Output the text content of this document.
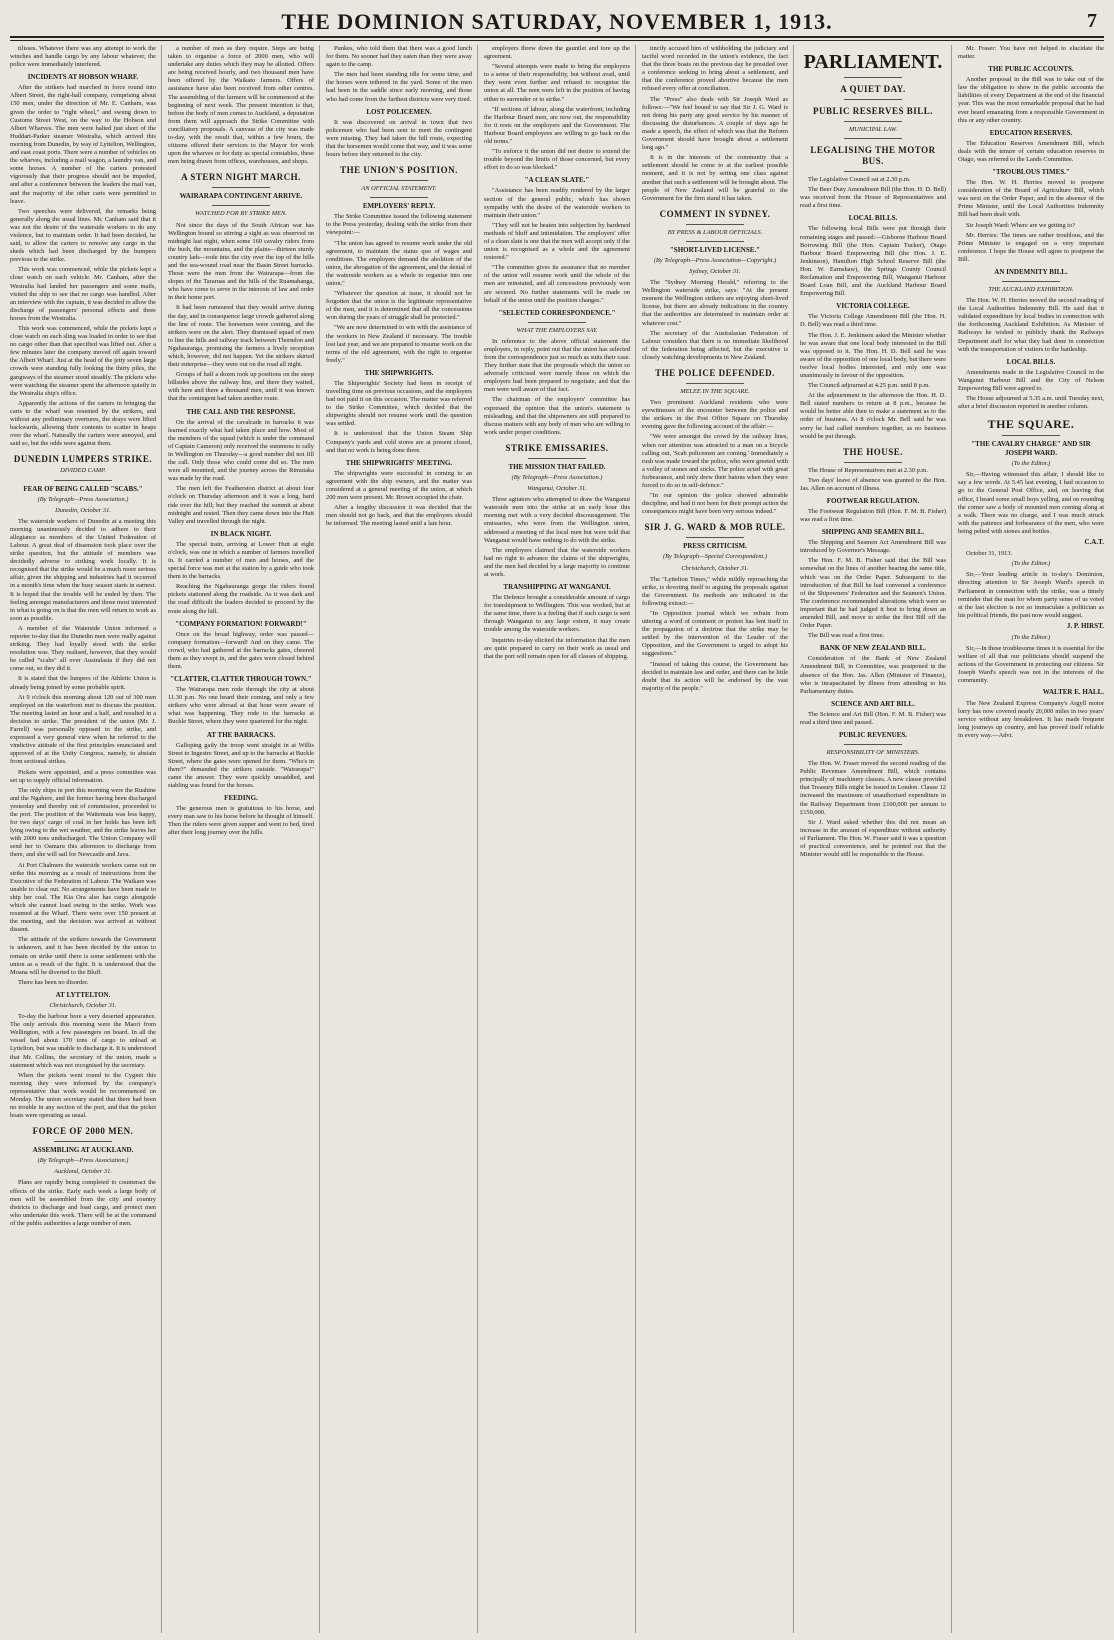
THE DOMINION SATURDAY, NOVEMBER 1, 1913.	7
tilisses. Whatever there was any attempt to work the winches and handle cargo by any labour whatever, the police were immediately interfered.
INCIDENTS AT HOBSON WHARF.
After the strikers had marched in force round into Albert Street, the right-hall company, comprising about 150 men, under the direction of Mr. E. Canham, was given the order to "right wheel," and swung down to Customs Street West, on the way to the Hobson and Albert Wharves. The men were halted just short of the Huddart-Parker steamer Westralia, which arrived this morning from Dunedin, by way of Lyttelton, Wellington, and east coast ports. There were a number of vehicles on the wharves, including a mail wagon, a laundry van, and some horses. A number of the carters protested vigorously that their progress should not be impeded, and after a conference between the leaders the mail van, and the majority of the other carts were permitted to leave.
Two speeches were delivered, the remarks being generally along the usual lines. Mr. Canham said that it was not the desire of the waterside workers to do any violence, but to maintain order. It had been decided, he said, to allow the carters to remove any cargo in the sheds which had been discharged by the bumpers previous to the strike.
This work was commenced, while the pickets kept a close watch on each vehicle. Mr. Canham, after the Westralia had landed her passengers and some mails, visited the ship to see that no cargo was handled. After an interview with the captain, it was decided to allow the discharge of passengers' personal effects and three horses from the Westralia.
This work was commenced, while the pickets kept a close watch on each sling was loaded in order to see that no cargo other than that specified was lifted out. After a few minutes later the company moved off again toward the Albert Wharf. Just at the head of the jetty seven large crowds were standing fully looking the thirty piles, the gangways of the steamer stood steadily. The pickets who were watching the steamer spent the afternoon quietly in the Westralia ship's office.
Apparently the actions of the carters in bringing the carts to the wharf was resented by the strikers, and without any preliminary overtures, the drays were lifted backwards, allowing their contents to scatter in heaps over the wharf. Naturally the carters were annoyed, and said so, but the odds were against them.
DUNEDIN LUMPERS STRIKE.
DIVIDED CAMP.
FEAR OF BEING CALLED "SCABS."
(By Telegraph—Press Association.)
Dunedin, October 31.
The waterside workers of Dunedin at a meeting this morning unanimously decided to adhere to their allegiance as members of the United Federation of Labour. A great deal of dissension took place over the strike question, but the attitude of members was decidedly adverse to striking work locally. It is recognised that the strike would be a much more serious affair, given the shipping and industries had it occurred in a month's time when the busy season starts in earnest. It is hoped that the trouble will be ended by then. The feeling amongst manufacturers and those most interested in what is going on is that the men will return to work as soon as possible.
A member of the Waterside Union informed a reporter to-day that the Dunedin men were really against striking. They had loyally stood with the strike resolution was. They realised, however, that they would be called "scabs" all over Australasia if they did not come out, so they did it.
It is stated that the lumpers of the Athletic Union is already being joined by some probable spirit.
At 9 o'clock this morning about 120 out of 300 men employed on the waterfront met to discuss the position. The meeting lasted an hour and a half, and resulted in a decision to strike. The president of the union (Mr. J. Farrell) was personally opposed to the strike, and expressed a very general view when he referred to the vindictive attitude of the first principles enunciated and approved of at the Unity Congress, namely, to abstain from sectional strikes.
Pickets were appointed, and a press committee was set up to supply official information.
The only ships in port this morning were the Ruahine and the Ngahere, and the former having been discharged yesterday and thereby out of commission, proceeded to the port. The position of the Waitemata was less happy, for two days' cargo of coal in her holds has been left lying owing to the wet weather, and the strike leaves her with 2000 tons undischarged. The Union Company will send her to Oamaru this afternoon to discharge from there, and she will sail for Newcastle and Java.
At Port Chalmers the waterside workers came out on strike this morning as a result of instructions from the Executive of the Federation of Labour. The Waikare was unable to clear out. No arrangements have been made to ship her coal. The Kia Ora also has cargo alongside which she cannot load owing to the strike. Work was resumed at the Wharf. There were over 150 present at the meeting, and the decision was arrived at without dissent.
The attitude of the strikers towards the Government is unknown, and it has been decided by the union to remain on strike until there is some settlement with the union as a result of the fight. It is understood that the Moana will be diverted to the Bluff.
There has been no disorder.
AT LYTTELTON.
Christchurch, October 31.
To-day the harbour bore a very deserted appearance. The only arrivals this morning were the Maori from Wellington, with a few passengers on board. In all the vessel had about 170 tons of cargo to unload at Lyttelton, but was unable to discharge it. It is understood that Mr. Collins, the secretary of the union, made a statement which was not recognised by the secretary.
When the pickets went round to the Cygnet this morning they were informed by the company's representative that work would be recommenced on Monday. The union secretary stated that there had been no trouble in any section of the port, and that the picket boats were operating as usual.
FORCE OF 2000 MEN.
ASSEMBLING AT AUCKLAND.
(By Telegraph—Press Association.)
Auckland, October 31.
Plans are rapidly being completed to counteract the effects of the strike. Early each week a large body of men will be assembled from the city and country districts to discharge and load cargo, and protect men who undertake this work. There will be at the command of the public authorities a large number of men.
a number of men as they require. Steps are being taken to organise a force of 2000 men, who will undertake any duties which they may be allotted. Offers are being received hourly, and two thousand men have been offered by the Waikato farmers. Offers of assistance have also been received from other centres. The assembling of the farmers will be commenced at the beginning of next week. The present intention is that, before the body of men comes to Auckland, a deputation from them will approach the Strike Committee with conciliatory proposals. A canvass of the city was made to-day, with the result that, within a few hours, the citizens offered their services to the Mayor for work upon the wharves or for duty as special constables, these men being drawn from offices, warehouses, and shops.
A STERN NIGHT MARCH.
WAIRARAPA CONTINGENT ARRIVE.
WATCHED FOR BY STRIKE MEN.
Not since the days of the South African war has Wellington bound so stirring a sight as was observed on midnight last night, when some 160 cavalry riders from the bush, the mountains, and the plains—thirteen sturdy country lads—rode into the city over the top of the hills and the sea-wound road near the Basin Street barracks. Those were the men from the Wairarapa—from the slopes of the Tararuas and the hills of the Ruamahanga, who have come to serve in the interests of law and order in their home port.
It had been rumoured that they would arrive during the day, and in consequence large crowds gathered along the line of route. The horsemen were coming, and the strikers were on the alert. They dismissed squad of men to line the hills and railway track between Thorndon and Ngahauranga, promising the farmers a lively reception which, however, did not happen. Yet the strikers skirted their enterprise—they were out on the road all night.
Groups of half a dozen took up positions on the steep hillsides above the railway line, and there they waited, with here and there a thousand men, until it was known that the contingent had taken another route.
THE CALL AND THE RESPONSE.
On the arrival of the cavalcade in barracks it was learned exactly what had taken place and how. Most of the members of the squad (which is under the command of Captain Cameron) only received the summons to rally in Wellington on Thursday—a good number did not fill the call. Only those who could come did so. The men were all mounted, and the journey across the Rimutaka was made by the road.
The men left the Featherston district at about four o'clock on Thursday afternoon and it was a long, hard ride over the hill; but they reached the summit at about midnight and rested. Then they came down into the Hutt Valley and travelled through the night.
IN BLACK NIGHT.
The special train, arriving at Lower Hutt at eight o'clock, was one in which a number of farmers travelled in. It carried a number of men and horses, and the special force was met at the station by a guide who took them to the barracks.
Reaching the Ngahauranga gorge the riders found pickets stationed along the roadside. As it was dark and the road difficult the leaders decided to proceed by the route along the hill.
"COMPANY FORMATION! FORWARD!"
Once on the broad highway, order was passed—company formation—forward! And on they came. The crowd, who had gathered at the barracks gates, cheered them as they swept in, and the gates were closed behind them.
"CLATTER, CLATTER THROUGH TOWN."
The Wairarapa men rode through the city at about 11.30 p.m. No one heard their coming, and only a few strikers who were abroad at that hour were aware of what was happening. They rode to the barracks at Buckle Street, where they were quartered for the night.
AT THE BARRACKS.
Galloping gaily the troop went straight in at Willis Street to Ingestre Street, and up to the barracks at Buckle Street, where the gates were opened for them. "Who's in there?" demanded the strikers outside. "Wairarapa!" came the answer. They were quickly unsaddled, and stabling was found for the horses.
FEEDING.
The generous men is gratuitous to his horse, and every man saw to his horse before he thought of himself. Then the riders were given supper and went to bed, tired after their long journey over the hills.
Punkes, who told them that there was a good lunch for them. No sooner had they eaten than they were away again to the camp.
The men had been standing idle for some time, and the horses were tethered in the yard. Some of the men had been in the saddle since early morning, and those who had come from the farthest districts were very tired.
LOST POLICEMEN.
It was discovered on arrival in town that two policemen who had been sent to meet the contingent were missing. They had taken the hill route, expecting that the horsemen would come that way, and it was some hours before they returned to the city.
THE UNION'S POSITION.
AN OFFICIAL STATEMENT.
EMPLOYERS' REPLY.
The Strike Committee issued the following statement to the Press yesterday, dealing with the strike from their viewpoint:—
"The union has agreed to resume work under the old agreement, to maintain the status quo of wages and conditions. The employers demand the abolition of the union, the abrogation of the agreement, and the denial of the waterside workers as a whole to organise into one union."
"Whatever the question at issue, it should not be forgotten that the union is the legitimate representative of the men, and it is determined that all the concessions won during the years of struggle shall be protected."
"We are now determined to win with the assistance of the workers in New Zealand if necessary. The trouble lost last year, and we are prepared to resume work on the terms of the old agreement, with the right to organise freely."
THE SHIPWRIGHTS.
The Shipwrights' Society had been in receipt of travelling time on previous occasions, and the employers had not paid it on this occasion. The matter was referred to the Strike Committee, which decided that the shipwrights should not resume work until the question was settled.
It is understood that the Union Steam Ship Company's yards and cold stores are at present closed, and that no work is being done there.
THE SHIPWRIGHTS' MEETING.
The shipwrights were successful in coming to an agreement with the ship owners, and the matter was considered at a general meeting of the union, at which 200 men were present. Mr. Brown occupied the chair.
After a lengthy discussion it was decided that the men should not go back, and that the employers should be informed. The meeting lasted until a late hour.
employers threw down the gauntlet and tore up the agreement.
"Several attempts were made to bring the employers to a sense of their responsibility, but without avail, until they went even further and refused to recognise the union at all. The men were left in the position of having either to surrender or to strike."
"If sections of labour, along the waterfront, including the Harbour Board men, are now out, the responsibility for it rests on the employers and the Government. The Harbour Board employees are willing to go back on the old terms."
"To enforce it the union did not desire to extend the trouble beyond the limits of those concerned, but every effort to do so was blocked."
"A CLEAN SLATE."
"Assistance has been readily rendered by the larger section of the general public, which has shown sympathy with the desire of the waterside workers to maintain their union."
"They will not be beaten into subjection by hardened methods of bluff and intimidation. The employers' offer of a clean slate is one that the men will accept only if the union is recognised as a whole and the agreement restored."
"The committee gives its assurance that no member of the union will resume work until the whole of the men are reinstated, and all concessions previously won are secured. No further statements will be made on behalf of the union until the position changes."
"SELECTED CORRESPONDENCE."
WHAT THE EMPLOYERS SAY.
In reference to the above official statement the employers, in reply, point out that the union has selected from the correspondence just so much as suits their case. They further state that the proposals which the union so adversely criticised were merely those on which the employers had been prepared to negotiate, and that the men were well aware of that fact.
The chairman of the employers' committee has expressed the opinion that the union's statement is misleading, and that the shipowners are still prepared to discuss matters with any body of men who are willing to work under proper conditions.
STRIKE EMISSARIES.
THE MISSION THAT FAILED.
(By Telegraph—Press Association.)
Wanganui, October 31.
Three agitators who attempted to draw the Wanganui waterside men into the strike at an early hour this morning met with a very decided discouragement. The emissaries, who were from the Wellington union, addressed a meeting of the local men but were told that Wanganui would have nothing to do with the strike.
The employers claimed that the waterside workers had no right to advance the claims of the shipwrights, and the men had decided by a large majority to continue at work.
TRANSHIPPING AT WANGANUI.
The Defence brought a considerable amount of cargo for transhipment to Wellington. This was worked, but at the same time, there is a feeling that if such cargo is sent through Wanganui to any large extent, it may create trouble among the waterside workers.
Inquiries to-day elicited the information that the men are quite prepared to carry on their work as usual and that the port will remain open for all classes of shipping.
tinctly accused him of withholding the judiciary and tactful word recorded in the union's evidence, the fact that the three boats on the previous day he presided over a conference seeking to bring about a settlement, and that the conference proved abortive because the men refused every offer at conciliation.
The "Press" also deals with Sir Joseph Ward as follows:—"We feel bound to say that Sir J. G. Ward is not doing his party any good service by his manner of discussing the disturbances. A couple of days ago he made a speech, the effect of which was that the Reform Government should have brought about a settlement long ago."
It is in the interests of the community that a settlement should be come to at the earliest possible moment, and it is not by setting one class against another that such a settlement will be brought about. The people of New Zealand will be grateful to the Government for the firm stand it has taken.
COMMENT IN SYDNEY.
BY PRESS & LABOUR OFFICIALS.
"SHORT-LIVED LICENSE."
(By Telegraph—Press Association—Copyright.)
Sydney, October 31.
The "Sydney Morning Herald," referring to the Wellington waterside strike, says: "At the present moment the Wellington strikers are enjoying short-lived license, but there are already indications in the country that the authorities are determined to maintain order at whatever cost."
The secretary of the Australasian Federation of Labour considers that there is no immediate likelihood of the federation being affected, but the executive is closely watching developments in New Zealand.
THE POLICE DEFENDED.
MELEE IN THE SQUARE.
Two prominent Auckland residents who were eyewitnesses of the encounter between the police and the strikers in the Post Office Square on Thursday evening gave the following account of the affair:—
"We were amongst the crowd by the railway lines, when our attention was attracted to a man on a bicycle calling out, 'Scab policemen are coming.' Immediately a rush was made toward the police, who were greeted with a volley of stones and sticks. The police acted with great forbearance, and only drew their batons when they were forced to do so in self-defence."
"In our opinion the police showed admirable discipline, and had it not been for their prompt action the consequences might have been very serious indeed."
SIR J. G. WARD & MOB RULE.
PRESS CRITICISM.
(By Telegraph—Special Correspondent.)
Christchurch, October 31.
The "Lyttelton Times," while mildly reproaching the strike, is devoting itself to arguing the proposals against the Government. Its methods are indicated in the following extract:—
"In Opposition journal which we refrain from uttering a word of comment or protest has lent itself to the propagation of a doctrine that the strike may be settled by the intervention of the Leader of the Opposition, and the Government is urged to adopt his suggestions."
"Instead of taking this course, the Government has decided to maintain law and order, and there can be little doubt that its action will be endorsed by the vast majority of the people."
PARLIAMENT.
A QUIET DAY.
PUBLIC RESERVES BILL.
MUNICIPAL LAW.
LEGALISING THE MOTOR BUS.
The Legislative Council sat at 2.30 p.m.
The Beer Duty Amendment Bill (the Hon. H. D. Bell) was received from the House of Representatives and read a first time.
LOCAL BILLS.
The following local Bills were put through their remaining stages and passed:—Gisborne Harbour Board Borrowing Bill (the Hon. Captain Tucker), Otago Harbour Board Empowering Bill (the Hon. J. E. Jenkinson), Hamilton High School Reserve Bill (the Hon. W. Earnshaw), the Springs County Council Reclamation and Empowering Bill, Wanganui Harbour Board Loan Bill, and the Auckland Harbour Board Empowering Bill.
VICTORIA COLLEGE.
The Victoria College Amendment Bill (the Hon. H. D. Bell) was read a third time.
The Hon. J. E. Jenkinson asked the Minister whether he was aware that one local body interested in the Bill was opposed to it. The Hon. H. D. Bell said he was aware of the opposition of one local body, but there were twelve local bodies interested, and only one was unanimously in favour of the opposition.
The Council adjourned at 4.25 p.m. until 8 p.m.
At the adjournment in the afternoon the Hon. H. D. Bell stated numbers to return at 8 p.m., because he would be better able then to make a statement as to the order of business. At 8 o'clock Mr. Bell said he was sorry he had called members together, as no business would be put through.
THE HOUSE.
The House of Representatives met at 2.30 p.m.
Two days' leave of absence was granted to the Hon. Jas. Allen on account of illness.
FOOTWEAR REGULATION.
The Footwear Regulation Bill (Hon. F. M. B. Fisher) was read a first time.
SHIPPING AND SEAMEN BILL.
The Shipping and Seamen Act Amendment Bill was introduced by Governor's Message.
The Hon. F. M. B. Fisher said that the Bill was somewhat on the lines of another bearing the same title, which was on the Order Paper. Subsequent to the introduction of that Bill he had convened a conference of the Shipowners' Federation and the Seamen's Union. The conference recommended alterations which were so important that he had judged it best to bring down an amended Bill, and move to strike the first Bill off the Order Paper.
The Bill was read a first time.
BANK OF NEW ZEALAND BILL.
Consideration of the Bank of New Zealand Amendment Bill, in Committee, was postponed in the absence of the Hon. Jas. Allen (Minister of Finance), who is incapacitated by illness from attending to his Parliamentary duties.
SCIENCE AND ART BILL.
The Science and Art Bill (Hon. F. M. B. Fisher) was read a third time and passed.
PUBLIC REVENUES.
RESPONSIBILITY OF MINISTERS.
The Hon. W. Fraser moved the second reading of the Public Revenues Amendment Bill, which contains principally of machinery clauses. A new clause provided that Treasury Bills might be issued in London. Clause 12 increased the maximum of unauthorised expenditure in the Railway Department from £100,000 per annum to £150,000.
Sir J. Ward asked whether this did not mean an increase in the amount of expenditure without authority of Parliament. The Hon. W. Fraser said it was a question of practical convenience, and he pointed out that the Minister would still be responsible to the House.
Mr. Fraser: You have not helped to elucidate the matter.
THE PUBLIC ACCOUNTS.
Another proposal in the Bill was to take out of the law the obligation to show in the public accounts the liabilities of every Department at the end of the financial year. This was the most remarkable proposal that he had ever heard emanating from a responsible Government in this or any other country.
EDUCATION RESERVES.
The Education Reserves Amendment Bill, which deals with the tenure of certain education reserves in Otago, was referred to the Lands Committee.
"TROUBLOUS TIMES."
The Hon. W. H. Herries moved to postpone consideration of the Board of Agriculture Bill, which was next on the Order Paper, and in the absence of the Prime Minister, until the Local Authorities Indemnity Bill had been dealt with.
Sir Joseph Ward: Where are we getting to?
Mr. Herries: The times are rather troublous, and the Prime Minister is engaged on a very important conference. I hope the House will agree to postpone the Bill.
AN INDEMNITY BILL.
THE AUCKLAND EXHIBITION.
The Hon. W. H. Herries moved the second reading of the Local Authorities Indemnity Bill. He said that it validated expenditure by local bodies in connection with the forthcoming Auckland Exhibition. As Minister of Railways he wished to publicly thank the Railways Department staff for what they had done in connection with the transportation of visitors to the battleship.
LOCAL BILLS.
Amendments made in the Legislative Council in the Wanganui Harbour Bill and the City of Nelson Empowering Bill were agreed to.
The House adjourned at 5.35 a.m. until Tuesday next, after a brief discussion reported in another column.
THE SQUARE.
"THE CAVALRY CHARGE" AND SIR JOSEPH WARD.
(To the Editor.)
Sir,—Having witnessed this affair, I should like to say a few words. At 5.45 last evening, I had occasion to go to the General Post Office, and, on leaving that office, I heard some small boys yelling, and on rounding the corner saw a body of mounted men coming along at a walk. There was no charge, and I was much struck with the patience and forbearance of the men, who were being pelted with stones and bottles.
C.A.T.
October 31, 1913.
(To the Editor.)
Sir,—Your leading article in to-day's Dominion, directing attention to Sir Joseph Ward's speech in Parliament in connection with the strike, was a timely reminder that the man for whom party sense of us voted at the last election is not so immaculate a politician as his political friends, the past now would suggest.
J. P. HIRST.
(To the Editor.)
Sir,—In these troublesome times it is essential for the welfare of all that our politicians should suspend the actions of the Government in protecting our citizens. Sir Joseph Ward's speech was not in the interests of the community.
WALTER E. HALL.
The New Zealand Express Company's Argyll motor lorry has now covered nearly 20,000 miles in two years' service without any breakdown. It has made frequent long journeys up country, and has proved itself reliable in every way.—Advt.
